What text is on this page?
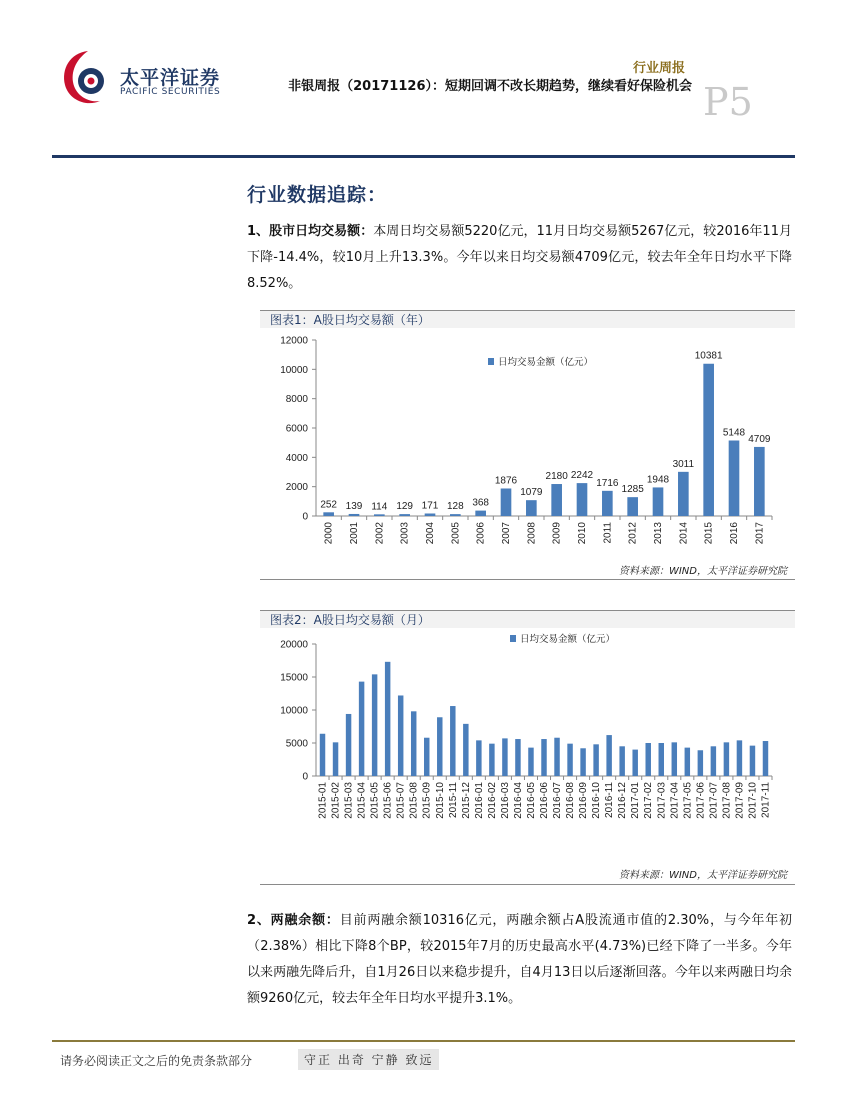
太平洋证券
PACIFIC SECURITIES
行业周报
非银周报（20171126）：短期回调不改长期趋势，继续看好保险机会 P5
行业数据追踪：
1、股市日均交易额：本周日均交易额5220亿元，11月日均交易额5267亿元，较2016年11月下降-14.4%，较10月上升13.3%。今年以来日均交易额4709亿元，较去年全年日均水平下降8.52%。
图表1：A股日均交易额（年）
0
2000
4000
6000
8000
10000
12000
252
2000
139
2001
114
2002
129
2003
171
2004
128
2005
368
2006
1876
2007
1079
2008
2180
2009
2242
2010
1716
2011
1285
2012
1948
2013
3011
2014
10381
2015
5148
2016
4709
2017
日均交易金额（亿元）
资料来源：WIND，太平洋证券研究院
图表2：A股日均交易额（月）
0
5000
10000
15000
20000
2015-01 2015-02 2015-03 2015-04 2015-05 2015-06 2015-07 2015-08 2015-09 2015-10 2015-11 2015-12 2016-01 2016-02 2016-03 2016-04 2016-05 2016-06 2016-07 2016-08 2016-09 2016-10 2016-11 2016-12 2017-01 2017-02 2017-03 2017-04 2017-05 2017-06 2017-07 2017-08 2017-09 2017-10 2017-11
日均交易金额（亿元）
资料来源：WIND，太平洋证券研究院
2、两融余额：目前两融余额10316亿元，两融余额占A股流通市值的2.30%，与今年年初（2.38%）相比下降8个BP，较2015年7月的历史最高水平(4.73%)已经下降了一半多。今年以来两融先降后升，自1月26日以来稳步提升，自4月13日以后逐渐回落。今年以来两融日均余额9260亿元，较去年全年日均水平提升3.1%。
请务必阅读正文之后的免责条款部分	守正 出奇 宁静 致远
